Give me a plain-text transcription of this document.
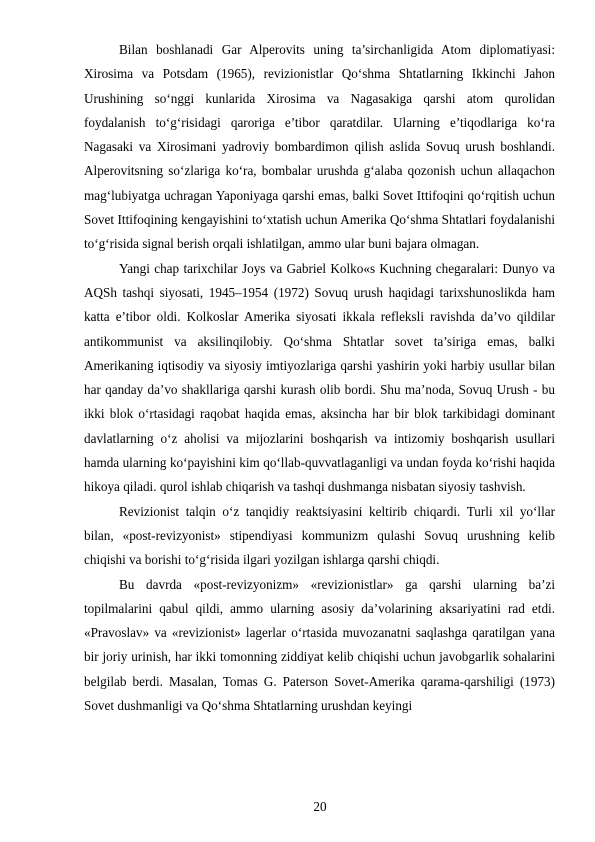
Bilan boshlanadi Gar Alperovits uning ta’sirchanligida Atom diplomatiyasi: Xirosima va Potsdam (1965), revizionistlar Qo‘shma Shtatlarning Ikkinchi Jahon Urushining so‘nggi kunlarida Xirosima va Nagasakiga qarshi atom qurolidan foydalanish to‘g‘risidagi qaroriga e’tibor qaratdilar. Ularning e’tiqodlariga ko‘ra Nagasaki va Xirosimani yadroviy bombardimon qilish aslida Sovuq urush boshlandi. Alperovitsning so‘zlariga ko‘ra, bombalar urushda g‘alaba qozonish uchun allaqachon mag‘lubiyatga uchragan Yaponiyaga qarshi emas, balki Sovet Ittifoqini qo‘rqitish uchun Sovet Ittifoqining kengayishini to‘xtatish uchun Amerika Qo‘shma Shtatlari foydalanishi to‘g‘risida signal berish orqali ishlatilgan, ammo ular buni bajara olmagan.

Yangi chap tarixchilar Joys va Gabriel Kolko«s Kuchning chegaralari: Dunyo va AQSh tashqi siyosati, 1945–1954 (1972) Sovuq urush haqidagi tarixshunoslikda ham katta e’tibor oldi. Kolkoslar Amerika siyosati ikkala refleksli ravishda da’vo qildilar antikommunist va aksilinqilobiy. Qo‘shma Shtatlar sovet ta’siriga emas, balki Amerikaning iqtisodiy va siyosiy imtiyozlariga qarshi yashirin yoki harbiy usullar bilan har qanday da’vo shakllariga qarshi kurash olib bordi. Shu ma’noda, Sovuq Urush - bu ikki blok o‘rtasidagi raqobat haqida emas, aksincha har bir blok tarkibidagi dominant davlatlarning o‘z aholisi va mijozlarini boshqarish va intizomiy boshqarish usullari hamda ularning ko‘payishini kim qo‘llab-quvvatlaganligi va undan foyda ko‘rishi haqida hikoya qiladi. qurol ishlab chiqarish va tashqi dushmanga nisbatan siyosiy tashvish.

Revizionist talqin o‘z tanqidiy reaktsiyasini keltirib chiqardi. Turli xil yo‘llar bilan, «post-revizyonist» stipendiyasi kommunizm qulashi Sovuq urushning kelib chiqishi va borishi to‘g‘risida ilgari yozilgan ishlarga qarshi chiqdi.

Bu davrda «post-revizyonizm» «revizionistlar» ga qarshi ularning ba’zi topilmalarini qabul qildi, ammo ularning asosiy da’volarining aksariyatini rad etdi. «Pravoslav» va «revizionist» lagerlar o‘rtasida muvozanatni saqlashga qaratilgan yana bir joriy urinish, har ikki tomonning ziddiyat kelib chiqishi uchun javobgarlik sohalarini belgilab berdi. Masalan, Tomas G. Paterson Sovet-Amerika qarama-qarshiligi (1973) Sovet dushmanligi va Qo‘shma Shtatlarning urushdan keyingi

20
